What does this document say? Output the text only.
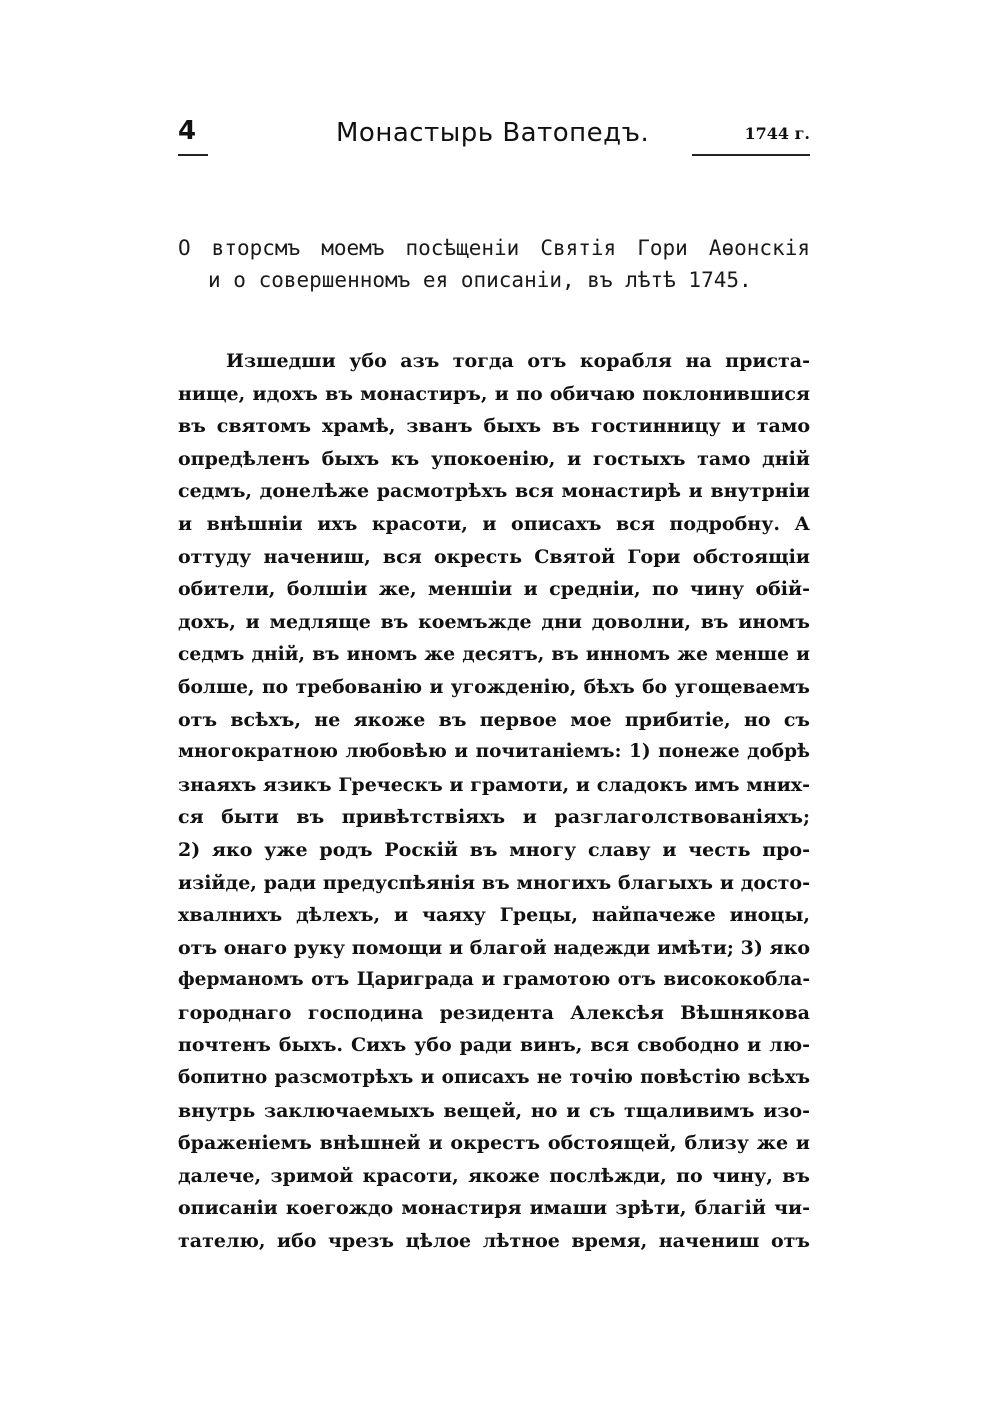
4	Монастырь Ватопедъ.	1744 г.
О вторсмъ моемъ посѣщеніи Святія Гори Аѳонскія
и о совершенномъ ея описаніи, въ лѣтѣ 1745.
Изшедши убо азъ тогда отъ корабля на приста-
нище, идохъ въ монастиръ, и по обичаю поклонившися
въ святомъ храмѣ, званъ быхъ въ гостинницу и тамо
опредѣленъ быхъ къ упокоенію, и гостыхъ тамо дній
седмъ, донелѣже расмотрѣхъ вся монастирѣ и внутрніи
и внѣшніи ихъ красоти, и описахъ вся подробну. А
оттуду начениш, вся окресть Святой Гори обстоящіи
обители, болшіи же, меншіи и средніи, по чину обій-
дохъ, и медляще въ коемъжде дни доволни, въ иномъ
седмъ дній, въ иномъ же десятъ, въ инномъ же менше и
болше, по требованію и угожденію, бѣхъ бо угощеваемъ
отъ всѣхъ, не якоже въ первое мое прибитіе, но съ
многократною любовѣю и почитаніемъ: 1) понеже добрѣ
знаяхъ язикъ Греческъ и грамоти, и сладокъ имъ мних-
ся быти въ привѣтствіяхъ и разглаголствованіяхъ;
2) яко уже родъ Роскій въ многу славу и честь про-
изійде, ради предуспѣянія въ многихъ благыхъ и досто-
хвалнихъ дѣлехъ, и чаяху Грецы, найпачеже иноцы,
отъ онаго руку помощи и благой надежди имѣти; 3) яко
ферманомъ отъ Цариграда и грамотою отъ висококобла-
городнаго господина резидента Алексѣя Вѣшнякова
почтенъ быхъ. Сихъ убо ради винъ, вся свободно и лю-
бопитно разсмотрѣхъ и описахъ не точію повѣстію всѣхъ
внутрь заключаемыхъ вещей, но и съ тщаливимъ изо-
браженіемъ внѣшней и окрестъ обстоящей, близу же и
далече, зримой красоти, якоже послѣжди, по чину, въ
описаніи коегождо монастиря имаши зрѣти, благій чи-
тателю, ибо чрезъ цѣлое лѣтное время, начениш отъ
